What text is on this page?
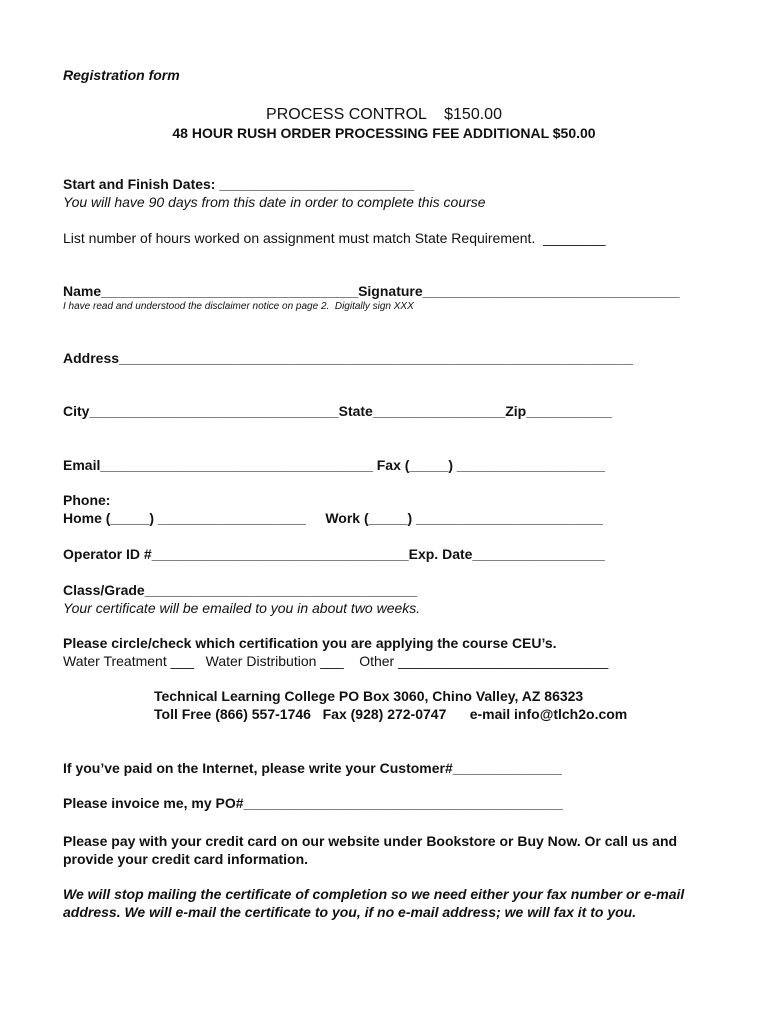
Registration form
PROCESS CONTROL    $150.00
48 HOUR RUSH ORDER PROCESSING FEE ADDITIONAL $50.00
Start and Finish Dates: _________________________
You will have 90 days from this date in order to complete this course
List number of hours worked on assignment must match State Requirement.  ________
Name_________________________________Signature_________________________________
I have read and understood the disclaimer notice on page 2.  Digitally sign XXX
Address__________________________________________________________________
City________________________________State_________________Zip___________
Email___________________________________ Fax (_____) ___________________
Phone:
Home (_____) ___________________     Work (_____) ________________________
Operator ID #_________________________________Exp. Date_________________
Class/Grade___________________________________
Your certificate will be emailed to you in about two weeks.
Please circle/check which certification you are applying the course CEU’s.
Water Treatment ___   Water Distribution ___    Other ___________________________
Technical Learning College PO Box 3060, Chino Valley, AZ 86323
Toll Free (866) 557-1746   Fax (928) 272-0747      e-mail info@tlch2o.com
If you’ve paid on the Internet, please write your Customer#______________
Please invoice me, my PO#_________________________________________
Please pay with your credit card on our website under Bookstore or Buy Now. Or call us and provide your credit card information.
We will stop mailing the certificate of completion so we need either your fax number or e-mail address. We will e-mail the certificate to you, if no e-mail address; we will fax it to you.
